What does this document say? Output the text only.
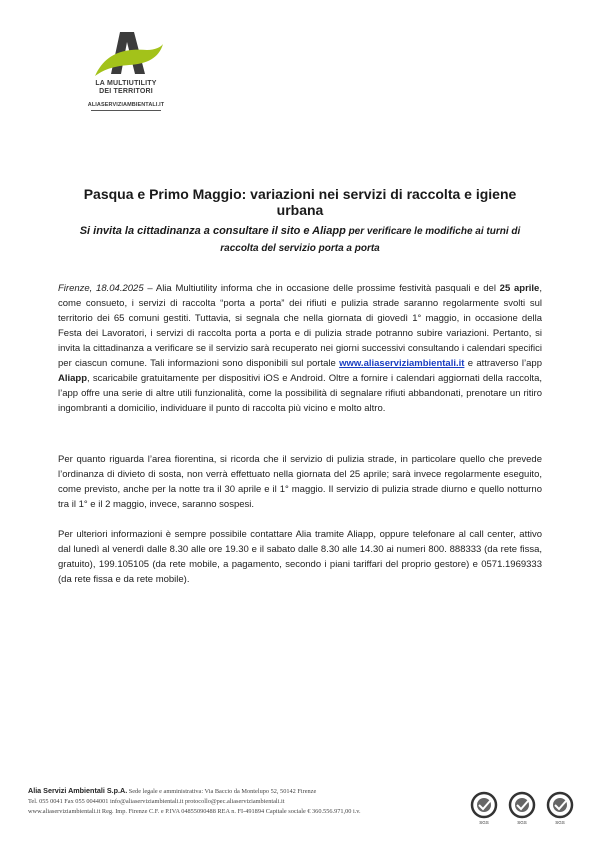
LA MULTIUTILITY
DEI TERRITORI
ALIASERVIZIAMBIENTALI.IT
Pasqua e Primo Maggio: variazioni nei servizi di raccolta e igiene urbana

Si invita la cittadinanza a consultare il sito e Aliapp per verificare le modifiche ai turni di raccolta del servizio porta a porta

Firenze, 18.04.2025 – Alia Multiutility informa che in occasione delle prossime festività pasquali e del 25 aprile, come consueto, i servizi di raccolta “porta a porta” dei rifiuti e pulizia strade saranno regolarmente svolti sul territorio dei 65 comuni gestiti. Tuttavia, si segnala che nella giornata di giovedì 1° maggio, in occasione della Festa dei Lavoratori, i servizi di raccolta porta a porta e di pulizia strade potranno subire variazioni. Pertanto, si invita la cittadinanza a verificare se il servizio sarà recuperato nei giorni successivi consultando i calendari specifici per ciascun comune. Tali informazioni sono disponibili sul portale www.aliaserviziambientali.it e attraverso l’app Aliapp, scaricabile gratuitamente per dispositivi iOS e Android. Oltre a fornire i calendari aggiornati della raccolta, l’app offre una serie di altre utili funzionalità, come la possibilità di segnalare rifiuti abbandonati, prenotare un ritiro ingombranti a domicilio, individuare il punto di raccolta più vicino e molto altro.

Per quanto riguarda l’area fiorentina, si ricorda che il servizio di pulizia strade, in particolare quello che prevede l’ordinanza di divieto di sosta, non verrà effettuato nella giornata del 25 aprile; sarà invece regolarmente eseguito, come previsto, anche per la notte tra il 30 aprile e il 1° maggio. Il servizio di pulizia strade diurno e quello notturno tra il 1° e il 2 maggio, invece, saranno sospesi.

Per ulteriori informazioni è sempre possibile contattare Alia tramite Aliapp, oppure telefonare al call center, attivo dal lunedì al venerdì dalle 8.30 alle ore 19.30 e il sabato dalle 8.30 alle 14.30 ai numeri 800. 888333 (da rete fissa, gratuito), 199.105105 (da rete mobile, a pagamento, secondo i piani tariffari del proprio gestore) e 0571.1969333 (da rete fissa e da rete mobile).

Alia Servizi Ambientali S.p.A. Sede legale e amministrativa: Via Baccio da Montelupo 52, 50142 Firenze
Tel. 055 0041 Fax 055 0044001 info@aliaserviziambientali.it protocollo@pec.aliaserviziambientali.it
www.aliaserviziambientali.it Reg. Imp. Firenze C.F. e P.IVA 04855090488 REA n. FI-491894 Capitale sociale € 360.556.971,00 i.v.
SGS	SGS	SGS
